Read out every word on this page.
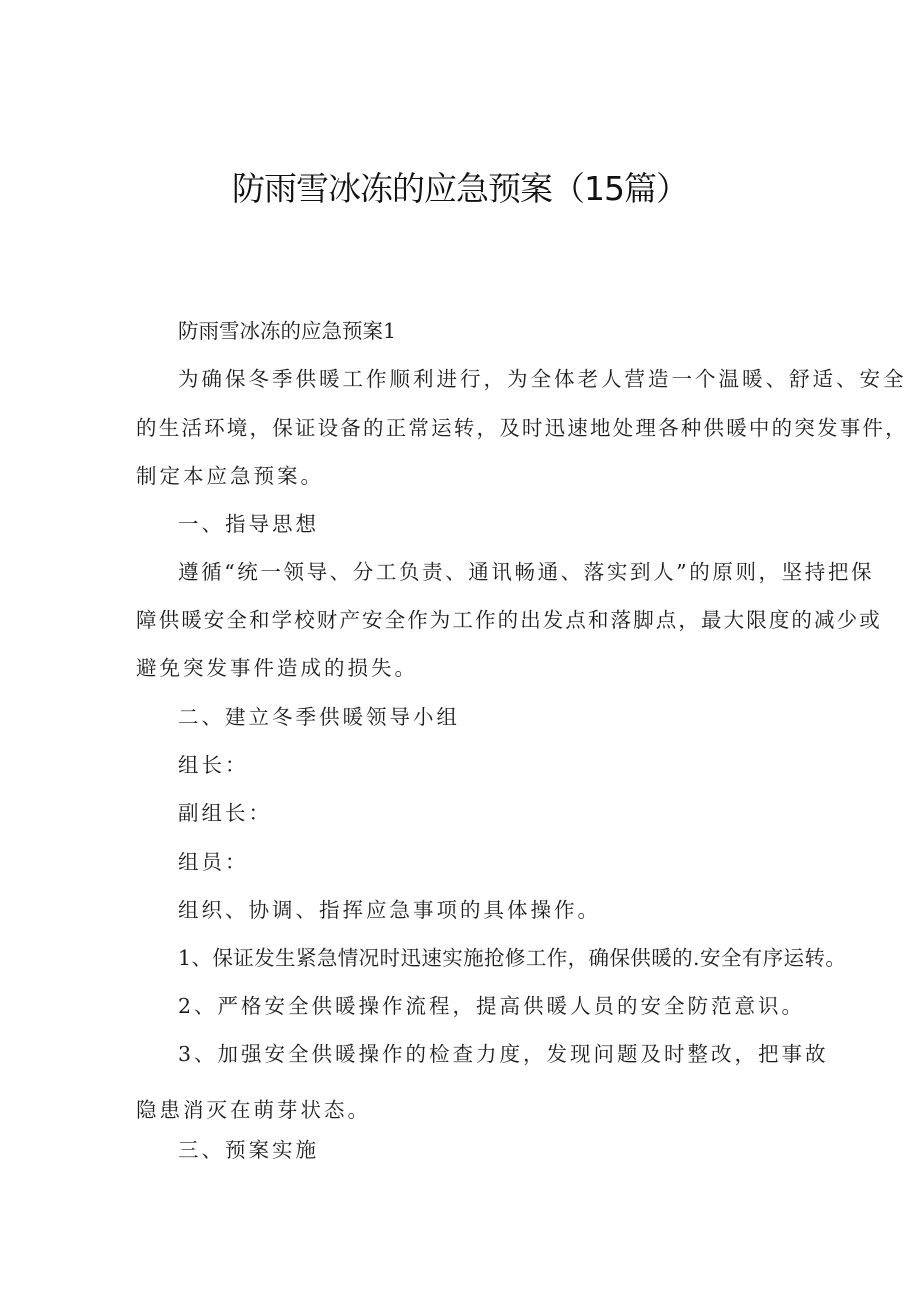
防雨雪冰冻的应急预案（15篇）
防雨雪冰冻的应急预案1
为确保冬季供暖工作顺利进行，为全体老人营造一个温暖、舒适、安全
的生活环境，保证设备的正常运转，及时迅速地处理各种供暖中的突发事件，
制定本应急预案。
一、指导思想
遵循“统一领导、分工负责、通讯畅通、落实到人”的原则，坚持把保
障供暖安全和学校财产安全作为工作的出发点和落脚点，最大限度的减少或
避免突发事件造成的损失。
二、建立冬季供暖领导小组
组长：
副组长：
组员：
组织、协调、指挥应急事项的具体操作。
1、保证发生紧急情况时迅速实施抢修工作，确保供暖的.安全有序运转。
2、严格安全供暖操作流程，提高供暖人员的安全防范意识。
3、加强安全供暖操作的检查力度，发现问题及时整改，把事故
隐患消灭在萌芽状态。
三、预案实施
